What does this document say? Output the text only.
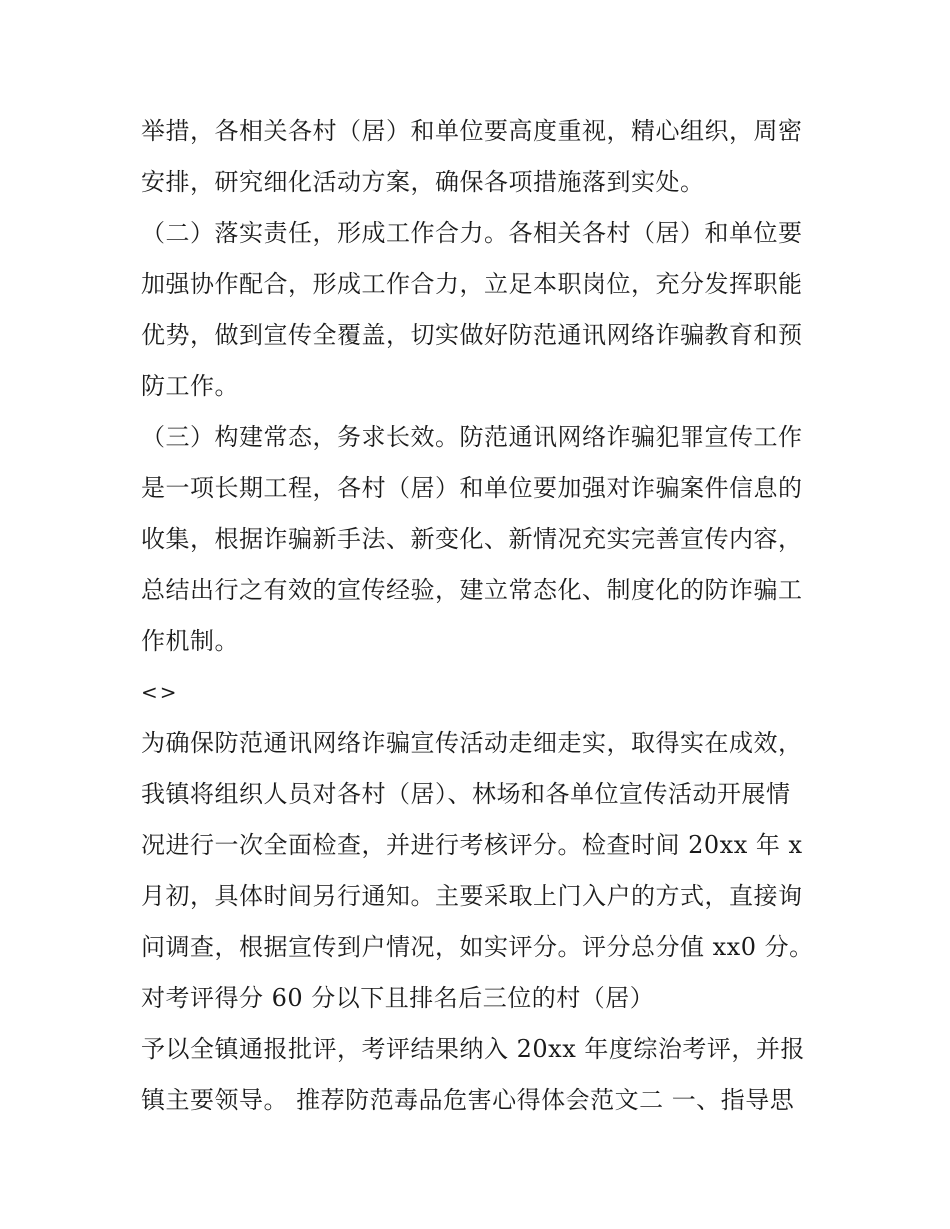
举措，各相关各村（居）和单位要高度重视，精心组织，周密
安排，研究细化活动方案，确保各项措施落到实处。
（二）落实责任，形成工作合力。各相关各村（居）和单位要
加强协作配合，形成工作合力，立足本职岗位，充分发挥职能
优势，做到宣传全覆盖，切实做好防范通讯网络诈骗教育和预
防工作。
（三）构建常态，务求长效。防范通讯网络诈骗犯罪宣传工作
是一项长期工程，各村（居）和单位要加强对诈骗案件信息的
收集，根据诈骗新手法、新变化、新情况充实完善宣传内容，
总结出行之有效的宣传经验，建立常态化、制度化的防诈骗工
作机制。
<>
为确保防范通讯网络诈骗宣传活动走细走实，取得实在成效，
我镇将组织人员对各村（居）、林场和各单位宣传活动开展情
况进行一次全面检查，并进行考核评分。检查时间 20xx 年 x
月初，具体时间另行通知。主要采取上门入户的方式，直接询
问调查，根据宣传到户情况，如实评分。评分总分值 xx0 分。
对考评得分 60 分以下且排名后三位的村（居）
予以全镇通报批评，考评结果纳入 20xx 年度综治考评，并报
镇主要领导。 推荐防范毒品危害心得体会范文二 一、指导思
